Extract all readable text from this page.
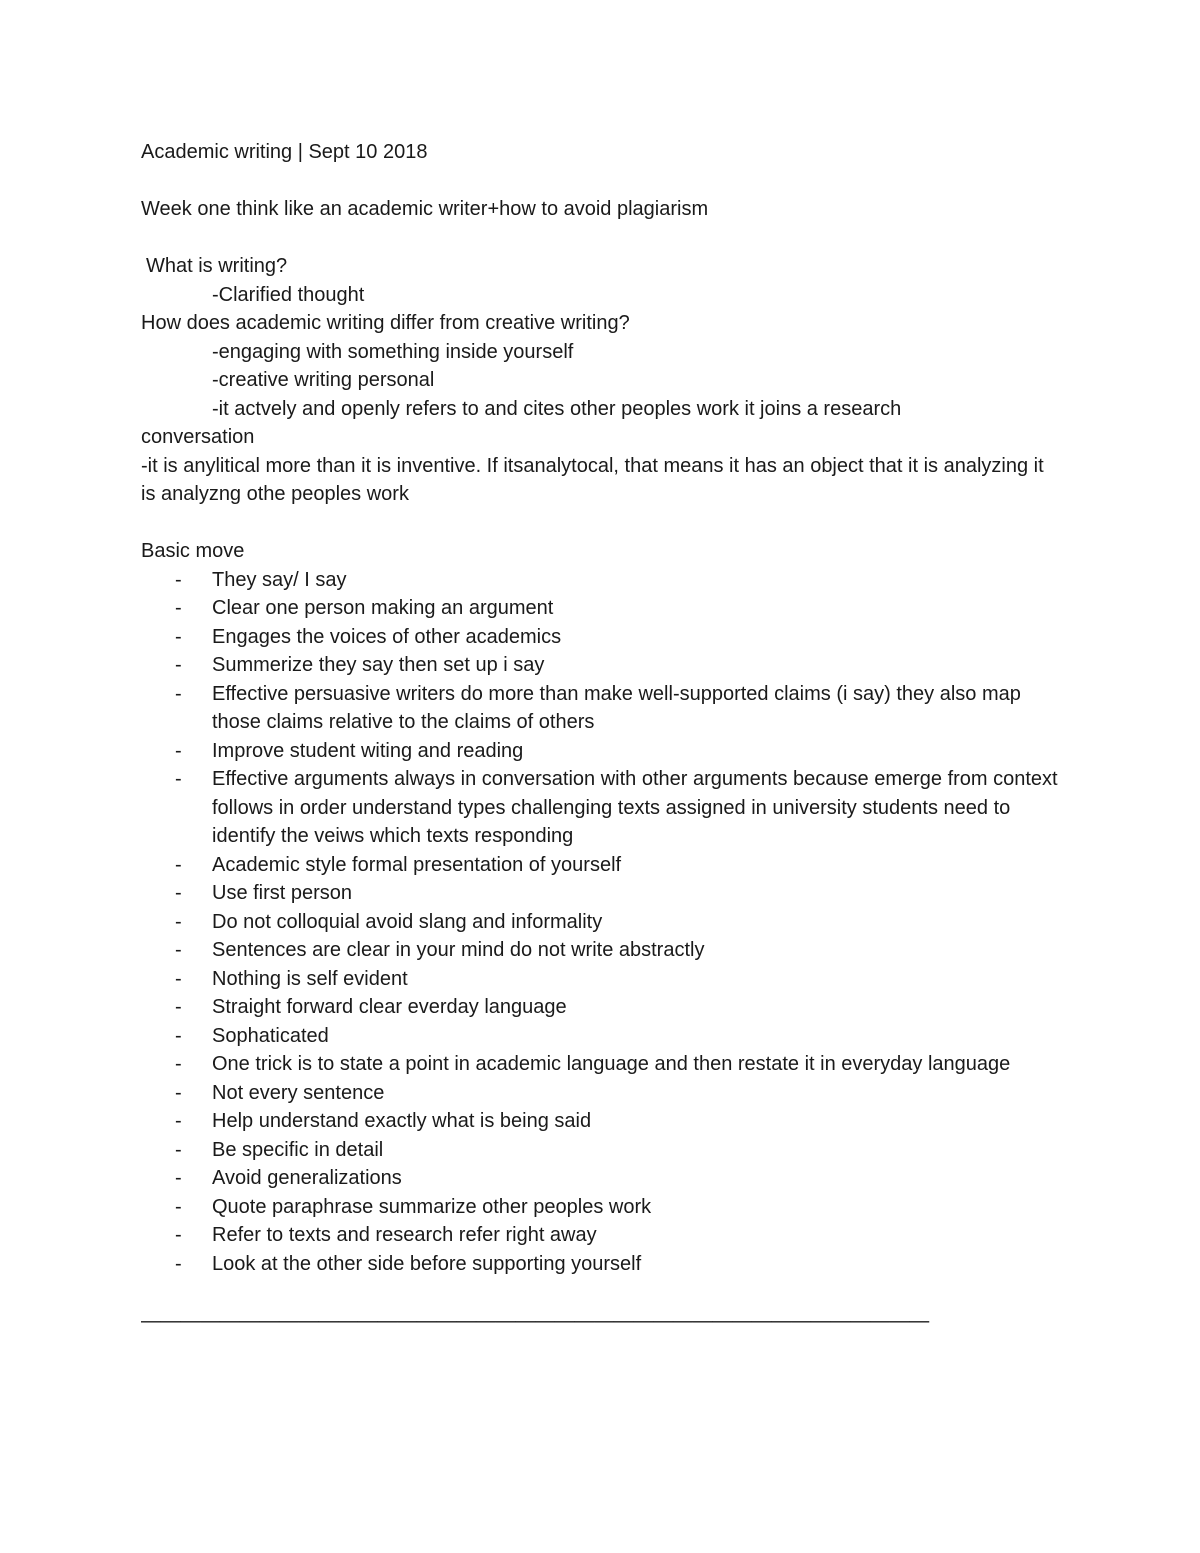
Academic writing | Sept 10 2018

Week one think like an academic writer+how to avoid plagiarism

What is writing?

-Clarified thought

How does academic writing differ from creative writing?

-engaging with something inside yourself

-creative writing personal

-it actvely and openly refers to and cites other peoples work it joins a research

conversation

-it is anylitical more than it is inventive. If itsanalytocal, that means it has an object that it is analyzing it is analyzng othe peoples work

Basic move

- They say/ I say
- Clear one person making an argument
- Engages the voices of other academics
- Summerize they say then set up i say
- Effective persuasive writers do more than make well-supported claims (i say) they also map those claims relative to the claims of others
- Improve student witing and reading
- Effective arguments always in conversation with other arguments because emerge from context follows in order understand types challenging texts assigned in university students need to identify the veiws which texts responding
- Academic style formal presentation of yourself
- Use first person
- Do not colloquial avoid slang and informality
- Sentences are clear in your mind do not write abstractly
- Nothing is self evident
- Straight forward clear everday language
- Sophaticated
- One trick is to state a point in academic language and then restate it in everyday language
- Not every sentence
- Help understand exactly what is being said
- Be specific in detail
- Avoid generalizations
- Quote paraphrase summarize other peoples work
- Refer to texts and research refer right away
- Look at the other side before supporting yourself

————————————————————————————————————————
